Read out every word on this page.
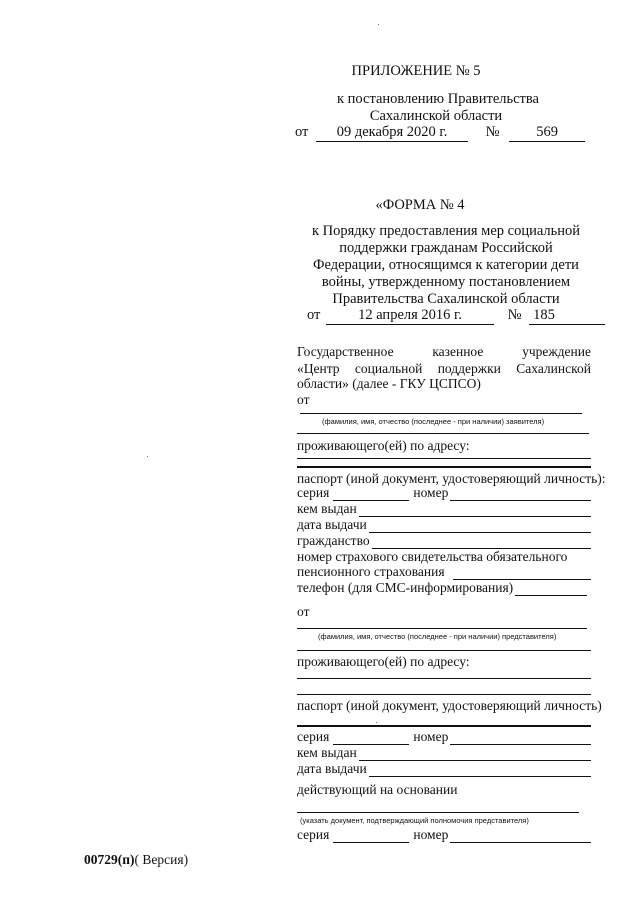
ПРИЛОЖЕНИЕ № 5
к постановлению Правительства
Сахалинской области
от 09 декабря 2020 г.	№	569
«ФОРМА № 4
к Порядку предоставления мер социальной
поддержки гражданам Российской
Федерации, относящимся к категории дети
войны, утвержденному постановлением
Правительства Сахалинской области
от	12 апреля 2016 г.	№ 185
Государственное	казенное	учреждение
«Центр социальной поддержки Сахалинской
области» (далее - ГКУ ЦСПСО)
от
(фамилия, имя, отчество (последнее - при наличии) заявителя)
проживающего(ей) по адресу:
паспорт (иной документ, удостоверяющий личность):
серия	номер
кем выдан
дата выдачи
гражданство
номер страхового свидетельства обязательного
пенсионного страхования
телефон (для СМС-информирования)
от
(фамилия, имя, отчество (последнее - при наличии) представителя)
проживающего(ей) по адресу:
паспорт (иной документ, удостоверяющий личность)
серия	номер
кем выдан
дата выдачи
действующий на основании
(указать документ, подтверждающий полномочия представителя)
серия	номер
00729(п)( Версия)
